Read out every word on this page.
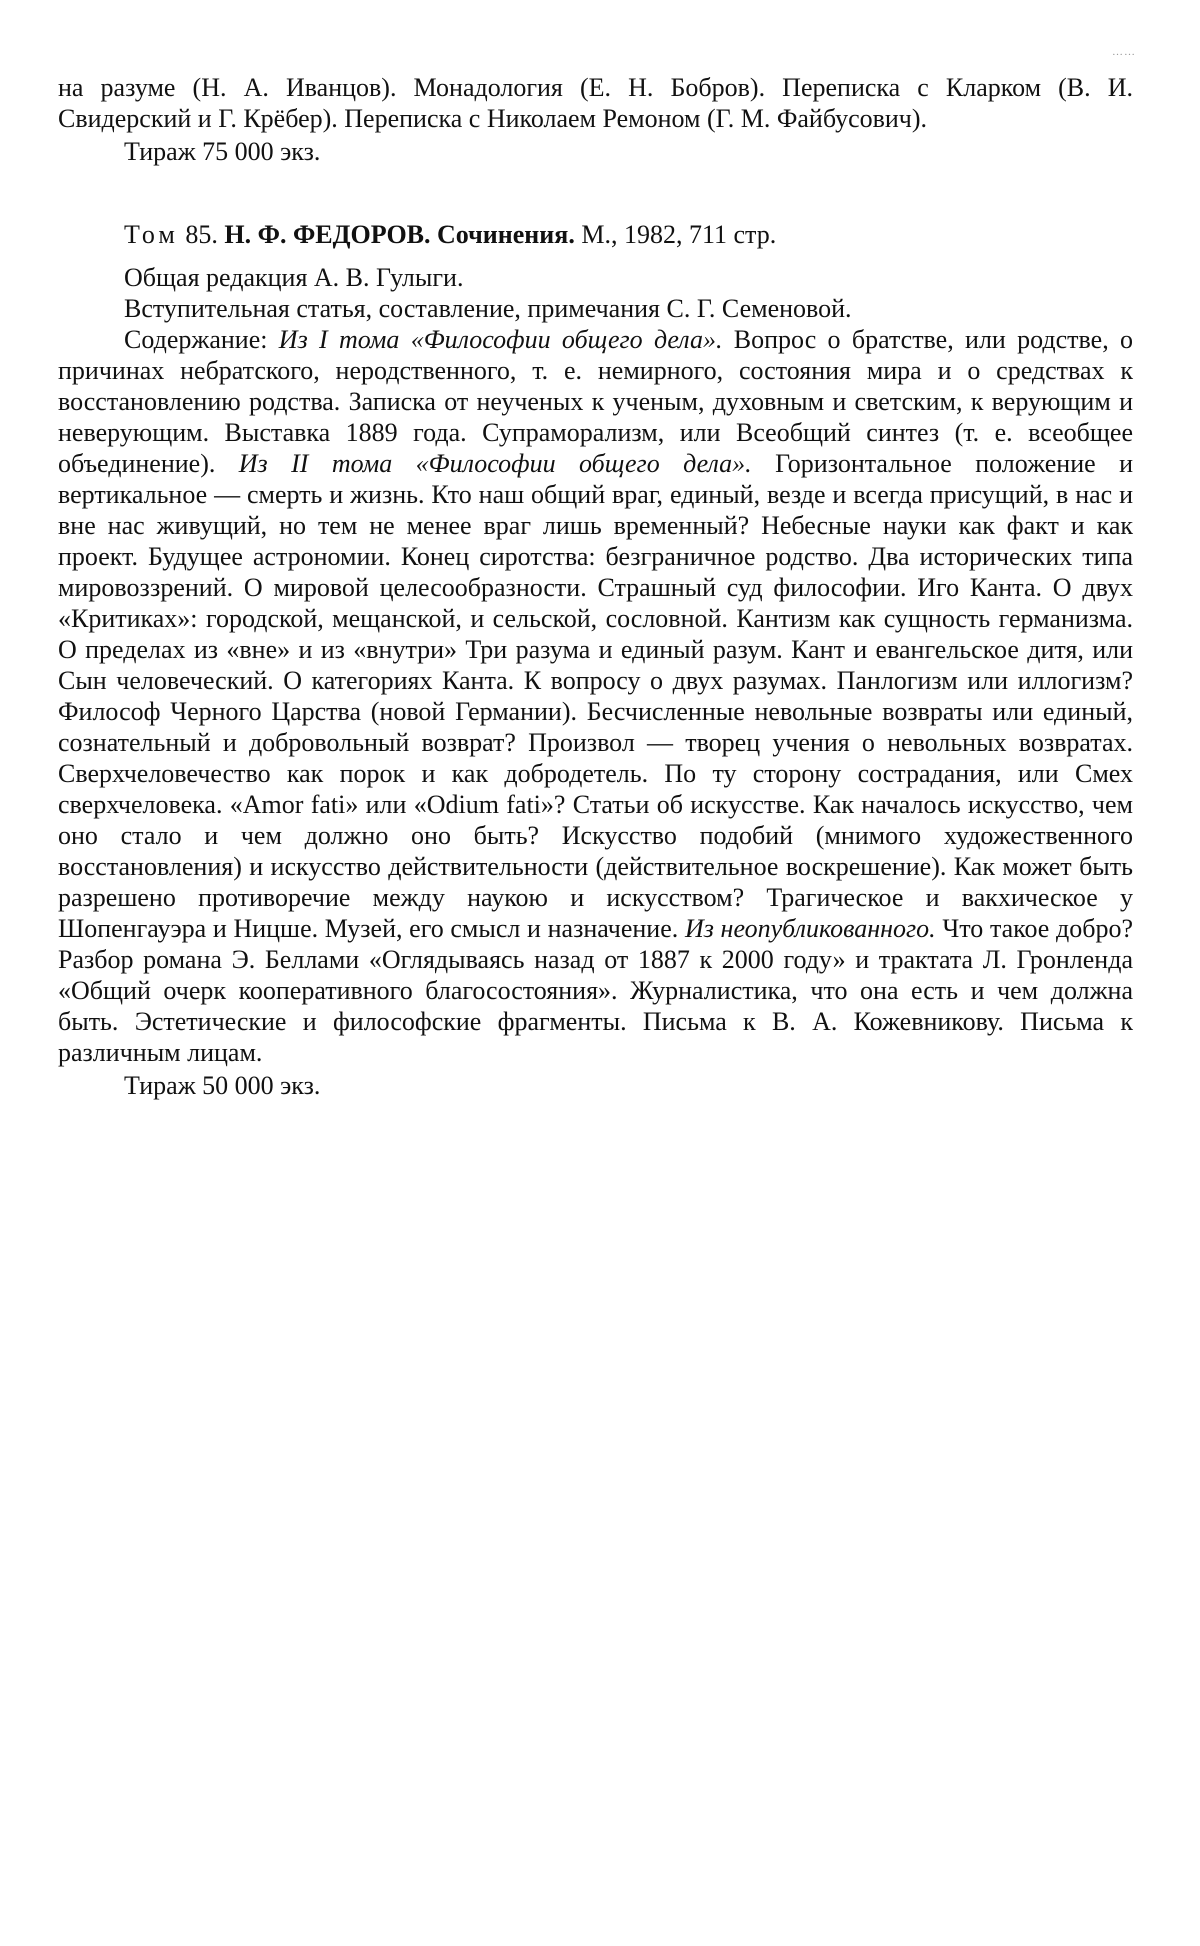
……

на разуме (Н. А. Иванцов). Монадология (Е. Н. Бобров). Переписка с Кларком (В. И. Свидерский и Г. Крёбер). Переписка с Николаем Ремоном (Г. М. Файбусович).

Тираж 75 000 экз.

Том 85. Н. Ф. ФЕДОРОВ. Сочинения. М., 1982, 711 стр.

Общая редакция А. В. Гулыги.

Вступительная статья, составление, примечания С. Г. Семеновой.

Содержание: Из I тома «Философии общего дела». Вопрос о братстве, или родстве, о причинах небратского, неродственного, т. е. немирного, состояния мира и о средствах к восстановлению родства. Записка от неученых к ученым, духовным и светским, к верующим и неверующим. Выставка 1889 года. Супраморализм, или Всеобщий синтез (т. е. всеобщее объединение). Из II тома «Философии общего дела». Горизонтальное положение и вертикальное — смерть и жизнь. Кто наш общий враг, единый, везде и всегда присущий, в нас и вне нас живущий, но тем не менее враг лишь временный? Небесные науки как факт и как проект. Будущее астрономии. Конец сиротства: безграничное родство. Два исторических типа мировоззрений. О мировой целесообразности. Страшный суд философии. Иго Канта. О двух «Критиках»: городской, мещанской, и сельской, сословной. Кантизм как сущность германизма. О пределах из «вне» и из «внутри» Три разума и единый разум. Кант и евангельское дитя, или Сын человеческий. О категориях Канта. К вопросу о двух разумах. Панлогизм или иллогизм? Философ Черного Царства (новой Германии). Бесчисленные невольные возвраты или единый, сознательный и добровольный возврат? Произвол — творец учения о невольных возвратах. Сверхчеловечество как порок и как добродетель. По ту сторону сострадания, или Смех сверхчеловека. «Amor fati» или «Odium fati»? Статьи об искусстве. Как началось искусство, чем оно стало и чем должно оно быть? Искусство подобий (мнимого художественного восстановления) и искусство действительности (действительное воскрешение). Как может быть разрешено противоречие между наукою и искусством? Трагическое и вакхическое у Шопенгауэра и Ницше. Музей, его смысл и назначение. Из неопубликованного. Что такое добро? Разбор романа Э. Беллами «Оглядываясь назад от 1887 к 2000 году» и трактата Л. Гронленда «Общий очерк кооперативного благосостояния». Журналистика, что она есть и чем должна быть. Эстетические и философские фрагменты. Письма к В. А. Кожевникову. Письма к различным лицам.

Тираж 50 000 экз.
